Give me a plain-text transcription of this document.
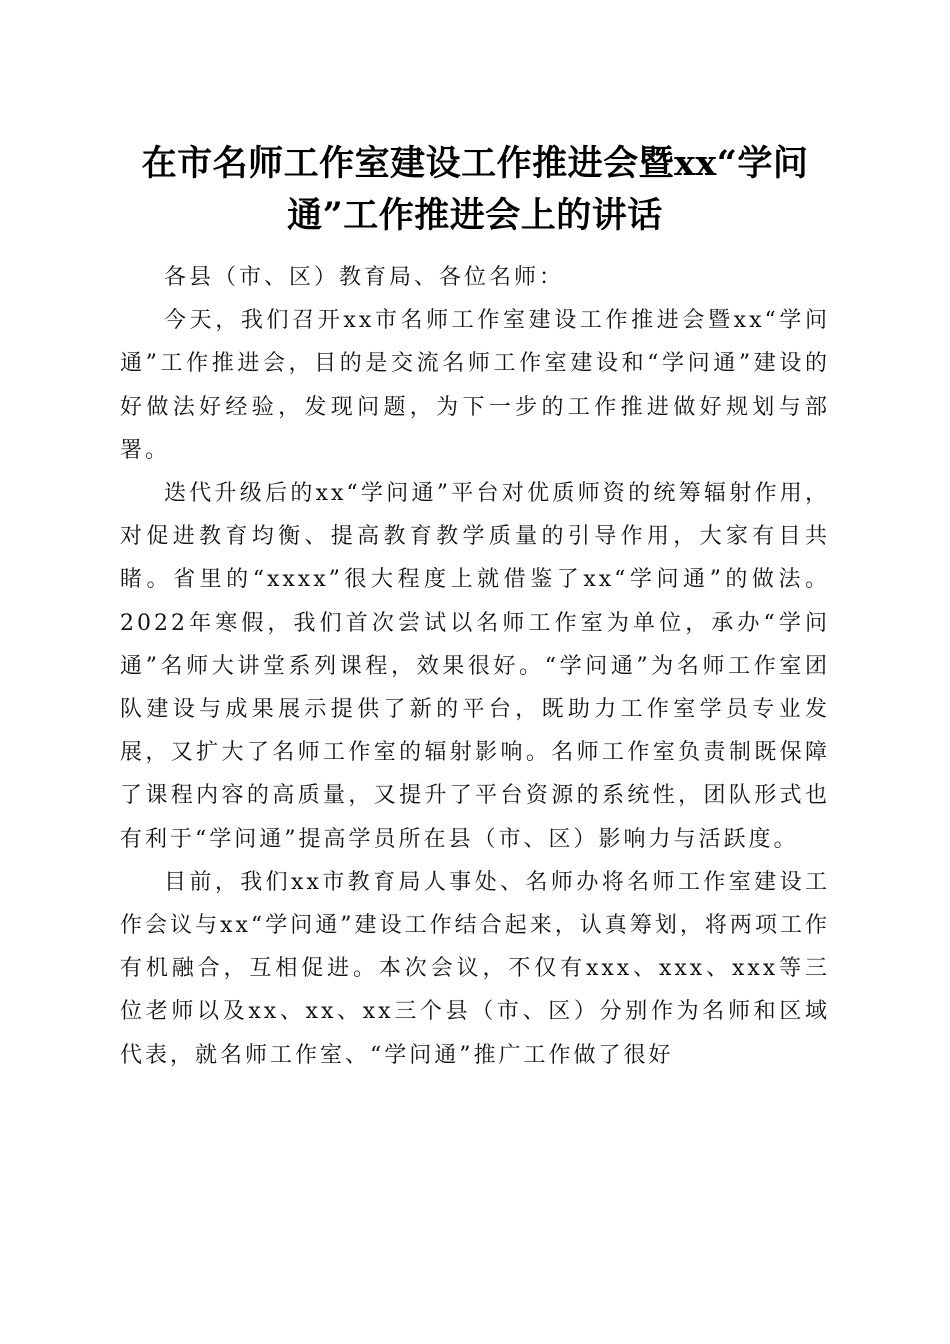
在市名师工作室建设工作推进会暨xx“学问通”工作推进会上的讲话

各县（市、区）教育局、各位名师：

今天，我们召开xx市名师工作室建设工作推进会暨xx“学问通”工作推进会，目的是交流名师工作室建设和“学问通”建设的好做法好经验，发现问题，为下一步的工作推进做好规划与部署。

迭代升级后的xx“学问通”平台对优质师资的统筹辐射作用，对促进教育均衡、提高教育教学质量的引导作用，大家有目共睹。省里的“xxxx”很大程度上就借鉴了xx“学问通”的做法。2022年寒假，我们首次尝试以名师工作室为单位，承办“学问通”名师大讲堂系列课程，效果很好。“学问通”为名师工作室团队建设与成果展示提供了新的平台，既助力工作室学员专业发展，又扩大了名师工作室的辐射影响。名师工作室负责制既保障了课程内容的高质量，又提升了平台资源的系统性，团队形式也有利于“学问通”提高学员所在县（市、区）影响力与活跃度。

目前，我们xx市教育局人事处、名师办将名师工作室建设工作会议与xx“学问通”建设工作结合起来，认真筹划，将两项工作有机融合，互相促进。本次会议，不仅有xxx、xxx、xxx等三位老师以及xx、xx、xx三个县（市、区）分别作为名师和区域代表，就名师工作室、“学问通”推广工作做了很好
